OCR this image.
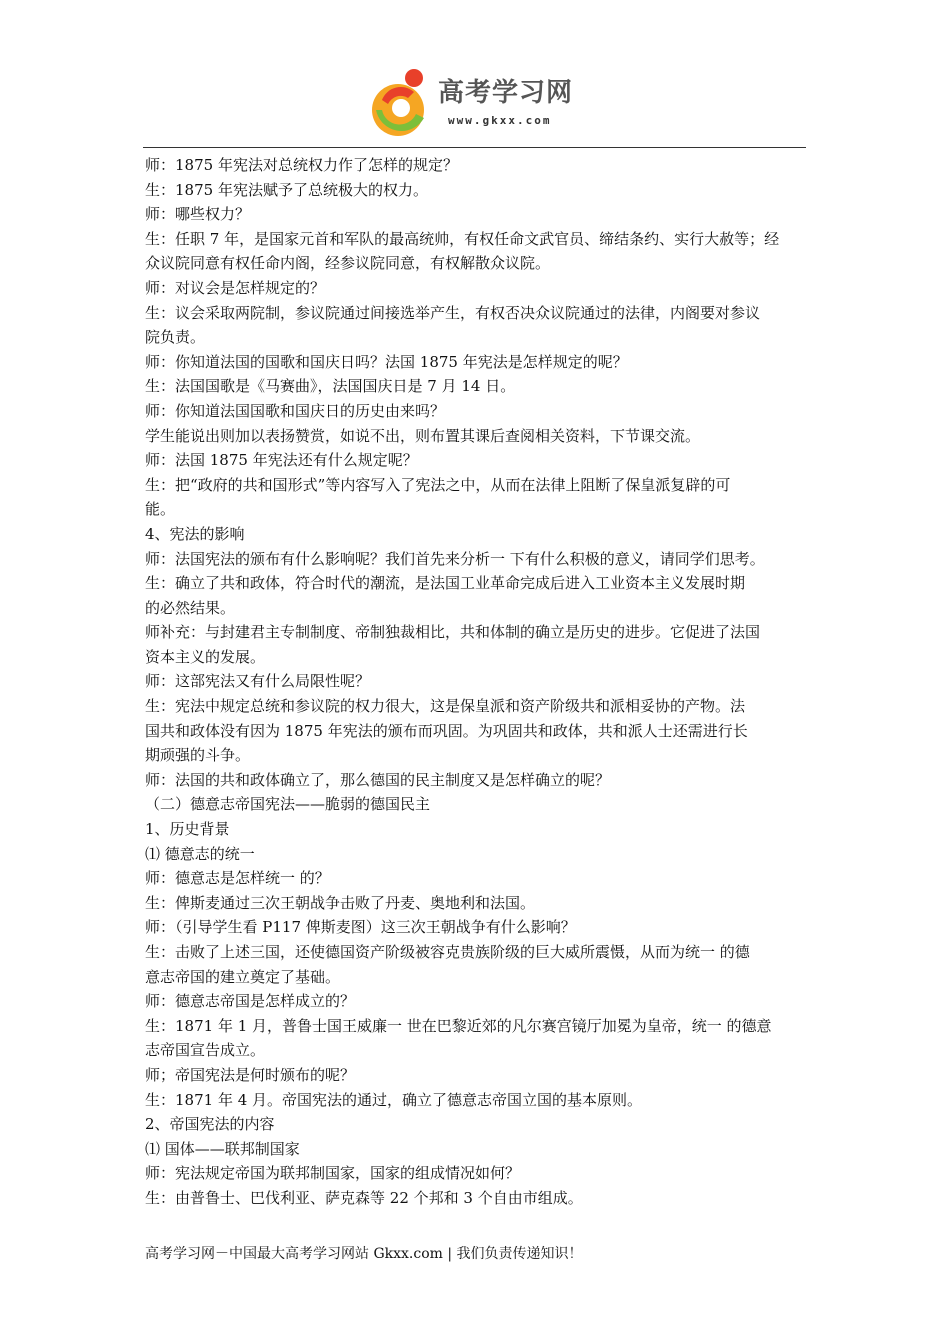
高考学习网
www.gkxx.com

师：1875 年宪法对总统权力作了怎样的规定？

生：1875 年宪法赋予了总统极大的权力。

师：哪些权力？

生：任职 7 年，是国家元首和军队的最高统帅，有权任命文武官员、缔结条约、实行大赦等；经

众议院同意有权任命内阁，经参议院同意，有权解散众议院。

师：对议会是怎样规定的？

生：议会采取两院制，参议院通过间接选举产生，有权否决众议院通过的法律，内阁要对参议

院负责。

师：你知道法国的国歌和国庆日吗？法国 1875 年宪法是怎样规定的呢？

生：法国国歌是《马赛曲》，法国国庆日是 7 月 14 日。

师：你知道法国国歌和国庆日的历史由来吗？

学生能说出则加以表扬赞赏，如说不出，则布置其课后查阅相关资料，下节课交流。

师：法国 1875 年宪法还有什么规定呢？

生：把“政府的共和国形式”等内容写入了宪法之中，从而在法律上阻断了保皇派复辟的可

能。

4、宪法的影响

师：法国宪法的颁布有什么影响呢？我们首先来分析一 下有什么积极的意义，请同学们思考。

生：确立了共和政体，符合时代的潮流，是法国工业革命完成后进入工业资本主义发展时期

的必然结果。

师补充：与封建君主专制制度、帝制独裁相比，共和体制的确立是历史的进步。它促进了法国

资本主义的发展。

师：这部宪法又有什么局限性呢？

生：宪法中规定总统和参议院的权力很大，这是保皇派和资产阶级共和派相妥协的产物。法

国共和政体没有因为 1875 年宪法的颁布而巩固。为巩固共和政体，共和派人士还需进行长

期顽强的斗争。

师：法国的共和政体确立了，那么德国的民主制度又是怎样确立的呢？

（二）德意志帝国宪法——脆弱的德国民主

1、历史背景

⑴ 德意志的统一

师：德意志是怎样统一 的？

生：俾斯麦通过三次王朝战争击败了丹麦、奥地利和法国。

师：（引导学生看 P117 俾斯麦图）这三次王朝战争有什么影响？

生：击败了上述三国，还使德国资产阶级被容克贵族阶级的巨大威所震慑，从而为统一 的德

意志帝国的建立奠定了基础。

师：德意志帝国是怎样成立的？

生：1871 年 1 月，普鲁士国王威廉一 世在巴黎近郊的凡尔赛宫镜厅加冕为皇帝，统一 的德意

志帝国宣告成立。

师；帝国宪法是何时颁布的呢？

生：1871 年 4 月。帝国宪法的通过，确立了德意志帝国立国的基本原则。

2、帝国宪法的内容

⑴ 国体——联邦制国家

师：宪法规定帝国为联邦制国家，国家的组成情况如何？

生：由普鲁士、巴伐利亚、萨克森等 22 个邦和 3 个自由市组成。

高考学习网－中国最大高考学习网站 Gkxx.com | 我们负责传递知识！
